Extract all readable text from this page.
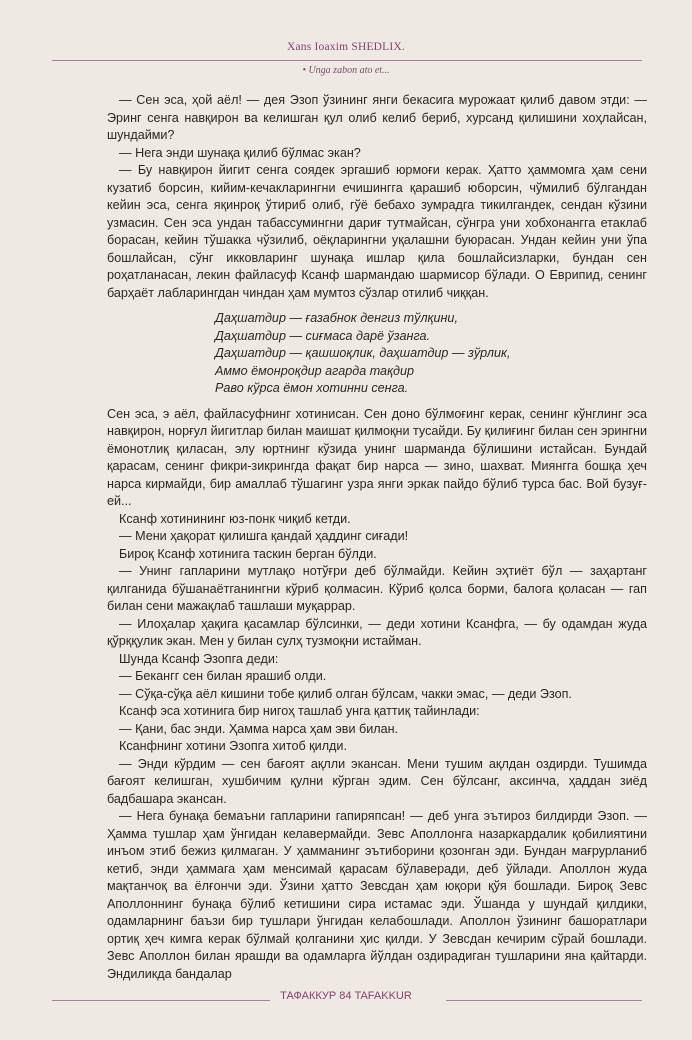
Xans Ioaxim SHEDLIX.
• Unga zabon ato et...

— Сен эса, ҳой аёл! — дея Эзоп ўзининг янги бекасига мурожаат қилиб давом этди: — Эринг сенга навқирон ва келишган қул олиб келиб бериб, хурсанд қилишини хоҳлайсан, шундайми?

— Нега энди шунақа қилиб бўлмас экан?

— Бу навқирон йигит сенга соядек эргашиб юрмоғи керак. Ҳатто ҳаммомга ҳам сени кузатиб борсин, кийим-кечакларингни ечишингга қарашиб юборсин, чўмилиб бўлгандан кейин эса, сенга яқинроқ ўтириб олиб, гўё бебахо зумрадга тикилгандек, сендан кўзини узмасин. Сен эса ундан табассумингни дариғ тутмайсан, сўнгра уни хобхонангга етаклаб борасан, кейин тўшакка чўзилиб, оёқларингни уқалашни буюрасан. Ундан кейин уни ўпа бошлайсан, сўнг икковларинг шунақа ишлар қила бошлайсизларки, бундан сен роҳатланасан, лекин файласуф Ксанф шармандаю шармисор бўлади. О Еврипид, сенинг барҳаёт лабларингдан чиндан ҳам мумтоз сўзлар отилиб чиққан.

Даҳшатдир — ғазабнок денгиз тўлқини,
Даҳшатдир — сиғмаса дарё ўзанга.
Даҳшатдир — қашшоқлик, даҳшатдир — зўрлик,
Аммо ёмонроқдир агарда тақдир
Раво кўрса ёмон хотинни сенга.

Сен эса, э аёл, файласуфнинг хотинисан. Сен доно бўлмоғинг керак, сенинг кўнглинг эса навқирон, норғул йигитлар билан маишат қилмоқни тусайди. Бу қилиғинг билан сен эрингни ёмонотлиқ қиласан, элу юртнинг кўзида унинг шарманда бўлишини истайсан. Бундай қарасам, сенинг фикри-зикрингда фақат бир нарса — зино, шахват. Миянгга бошқа ҳеч нарса кирмайди, бир амаллаб тўшагинг узра янги эркак пайдо бўлиб турса бас. Вой бузуғ-ей...

Ксанф хотинининг юз-понк чиқиб кетди.

— Мени ҳақорат қилишга қандай ҳаддинг сиғади!

Бироқ Ксанф хотинига таскин берган бўлди.

— Унинг гапларини мутлақо нотўғри деб бўлмайди. Кейин эҳтиёт бўл — заҳартанг қилганида бўшанаётганингни кўриб қолмасин. Кўриб қолса борми, балога қоласан — гап билан сени мажақлаб ташлаши муқаррар.

— Илоҳалар ҳақига қасамлар бўлсинки, — деди хотини Ксанфга, — бу одамдан жуда қўрққулик экан. Мен у билан сулҳ тузмоқни истайман.

Шунда Ксанф Эзопга деди:

— Бекангг сен билан ярашиб олди.

— Сўқа-сўқа аёл кишини тобе қилиб олган бўлсам, чакки эмас, — деди Эзоп.

Ксанф эса хотинига бир нигоҳ ташлаб унга қаттиқ тайинлади:

— Қани, бас энди. Ҳамма нарса ҳам эви билан.

Ксанфнинг хотини Эзопга хитоб қилди.

— Энди кўрдим — сен бағоят ақлли экансан. Мени тушим ақлдан оздирди. Тушимда бағоят келишган, хушбичим қулни кўрган эдим. Сен бўлсанг, аксинча, ҳаддан зиёд бадбашара экансан.

— Нега бунақа бемаъни гапларини гапиряпсан! — деб унга эътироз билдирди Эзоп. — Ҳамма тушлар ҳам ўнгидан келавермайди. Зевс Аполлонга назаркардалик қобилиятини инъом этиб бежиз қилмаган. У ҳамманинг эътиборини қозонган эди. Бундан мағрурланиб кетиб, энди ҳаммага ҳам менсимай қарасам бўлаверади, деб ўйлади. Аполлон жуда мақтанчоқ ва ёлғончи эди. Ўзини ҳатто Зевсдан ҳам юқори қўя бошлади. Бироқ Зевс Аполлоннинг бунақа бўлиб кетишини сира истамас эди. Ўшанда у шундай қилдики, одамларнинг баъзи бир тушлари ўнгидан келабошлади. Аполлон ўзининг башоратлари ортиқ ҳеч кимга керак бўлмай қолганини ҳис қилди. У Зевсдан кечирим сўрай бошлади. Зевс Аполлон билан ярашди ва одамларга йўлдан оздирадиган тушларини яна қайтарди. Эндиликда бандалар

ТАФАККУР 84 TAFAKKUR
